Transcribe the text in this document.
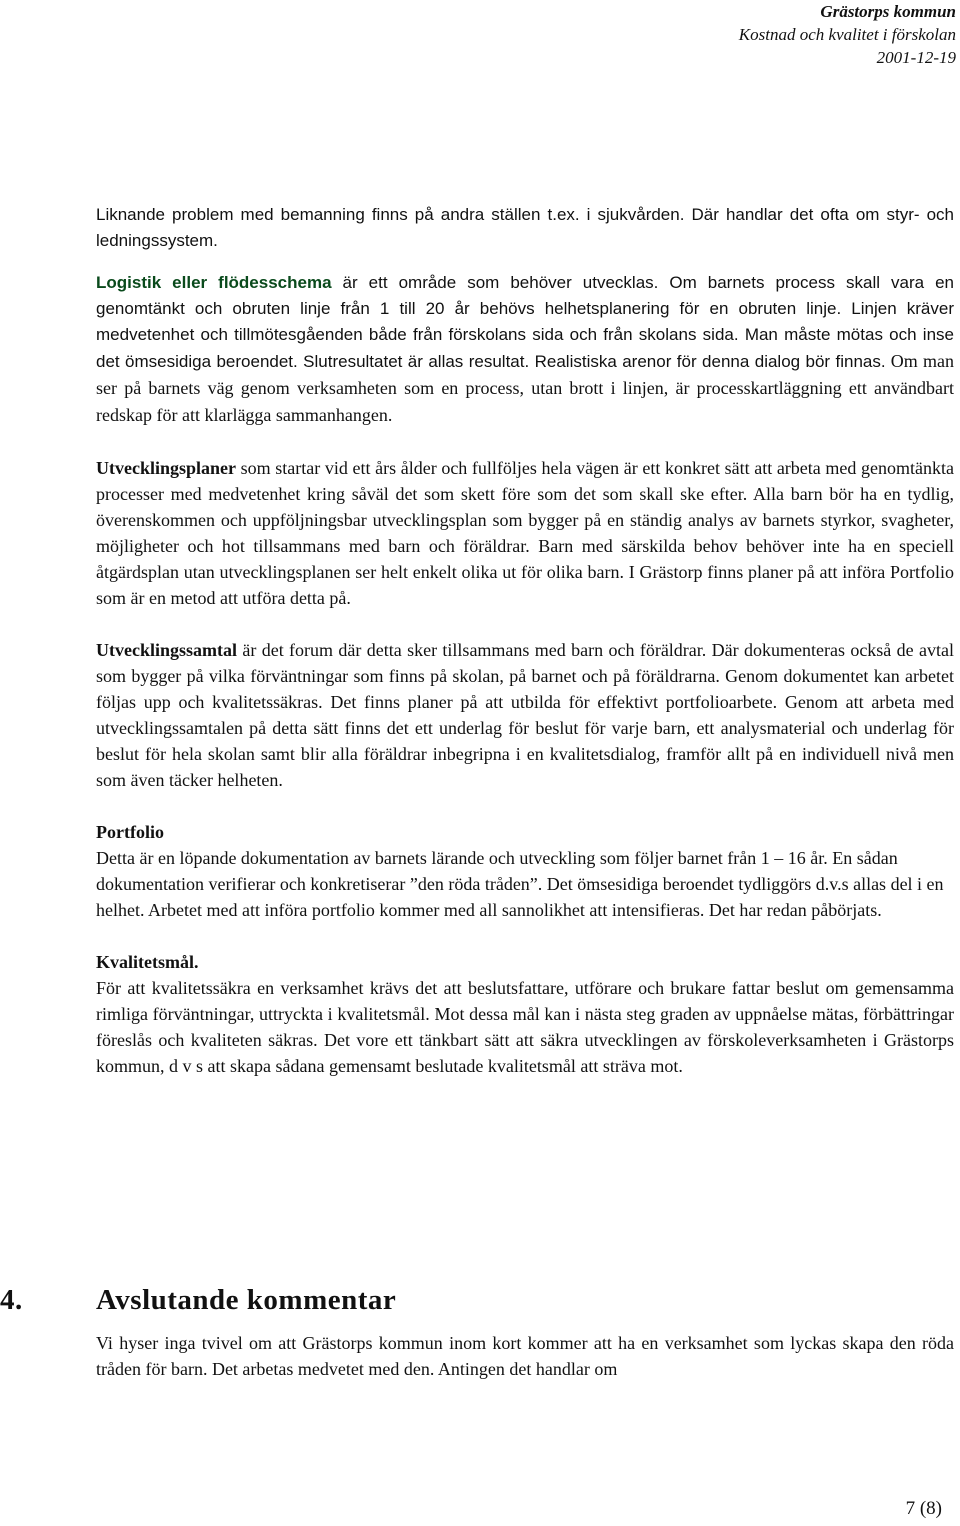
Grästorps kommun
Kostnad och kvalitet i förskolan
2001-12-19

Liknande problem med bemanning finns på andra ställen t.ex. i sjukvården. Där handlar det ofta om styr- och ledningssystem.

Logistik eller flödesschema är ett område som behöver utvecklas. Om barnets process skall vara en genomtänkt och obruten linje från 1 till 20 år behövs helhetsplanering för en obruten linje. Linjen kräver medvetenhet och tillmötesgåenden både från förskolans sida och från skolans sida. Man måste mötas och inse det ömsesidiga beroendet. Slutresultatet är allas resultat. Realistiska arenor för denna dialog bör finnas. Om man ser på barnets väg genom verksamheten som en process, utan brott i linjen, är processkartläggning ett användbart redskap för att klarlägga sammanhangen.

Utvecklingsplaner som startar vid ett års ålder och fullföljes hela vägen är ett konkret sätt att arbeta med genomtänkta processer med medvetenhet kring såväl det som skett före som det som skall ske efter. Alla barn bör ha en tydlig, överenskommen och uppföljningsbar utvecklingsplan som bygger på en ständig analys av barnets styrkor, svagheter, möjligheter och hot tillsammans med barn och föräldrar. Barn med särskilda behov behöver inte ha en speciell åtgärdsplan utan utvecklingsplanen ser helt enkelt olika ut för olika barn. I Grästorp finns planer på att införa Portfolio som är en metod att utföra detta på.

Utvecklingssamtal är det forum där detta sker tillsammans med barn och föräldrar. Där dokumenteras också de avtal som bygger på vilka förväntningar som finns på skolan, på barnet och på föräldrarna. Genom dokumentet kan arbetet följas upp och kvalitetssäkras. Det finns planer på att utbilda för effektivt portfolioarbete. Genom att arbeta med utvecklingssamtalen på detta sätt finns det ett underlag för beslut för varje barn, ett analysmaterial och underlag för beslut för hela skolan samt blir alla föräldrar inbegripna i en kvalitetsdialog, framför allt på en individuell nivå men som även täcker helheten.

Portfolio

Detta är en löpande dokumentation av barnets lärande och utveckling som följer barnet från 1 – 16 år. En sådan dokumentation verifierar och konkretiserar ”den röda tråden”. Det ömsesidiga beroendet tydliggörs d.v.s allas del i en helhet. Arbetet med att införa portfolio kommer med all sannolikhet att intensifieras. Det har redan påbörjats.

Kvalitetsmål.

För att kvalitetssäkra en verksamhet krävs det att beslutsfattare, utförare och brukare fattar beslut om gemensamma rimliga förväntningar, uttryckta i kvalitetsmål. Mot dessa mål kan i nästa steg graden av uppnåelse mätas, förbättringar föreslås och kvaliteten säkras. Det vore ett tänkbart sätt att säkra utvecklingen av förskoleverksamheten i Grästorps kommun, d v s att skapa sådana gemensamt beslutade kvalitetsmål att sträva mot.

4.	Avslutande kommentar

Vi hyser inga tvivel om att Grästorps kommun inom kort kommer att ha en verksamhet som lyckas skapa den röda tråden för barn. Det arbetas medvetet med den. Antingen det handlar om

7 (8)
